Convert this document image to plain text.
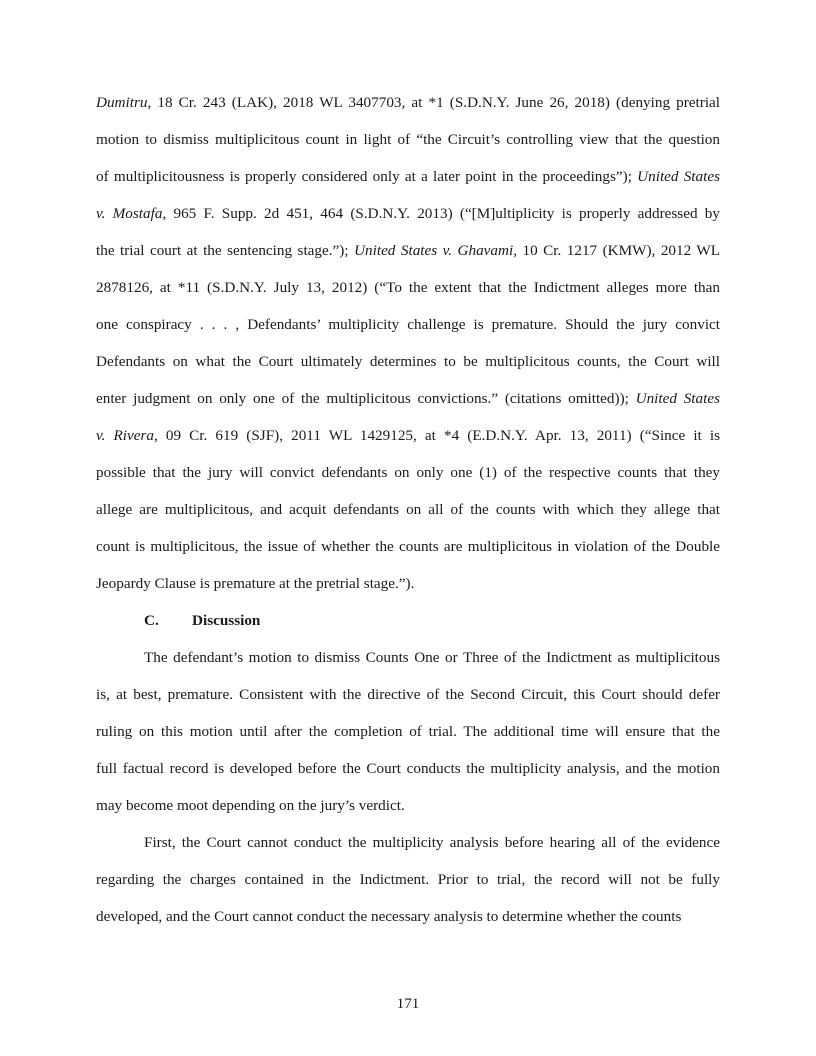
Dumitru, 18 Cr. 243 (LAK), 2018 WL 3407703, at *1 (S.D.N.Y. June 26, 2018) (denying pretrial
motion to dismiss multiplicitous count in light of “the Circuit’s controlling view that the question
of multiplicitousness is properly considered only at a later point in the proceedings”); United States
v. Mostafa, 965 F. Supp. 2d 451, 464 (S.D.N.Y. 2013) (“[M]ultiplicity is properly addressed by
the trial court at the sentencing stage.”); United States v. Ghavami, 10 Cr. 1217 (KMW), 2012 WL
2878126, at *11 (S.D.N.Y. July 13, 2012) (“To the extent that the Indictment alleges more than
one conspiracy . . . , Defendants’ multiplicity challenge is premature. Should the jury convict
Defendants on what the Court ultimately determines to be multiplicitous counts, the Court will
enter judgment on only one of the multiplicitous convictions.” (citations omitted)); United States
v. Rivera, 09 Cr. 619 (SJF), 2011 WL 1429125, at *4 (E.D.N.Y. Apr. 13, 2011) (“Since it is
possible that the jury will convict defendants on only one (1) of the respective counts that they
allege are multiplicitous, and acquit defendants on all of the counts with which they allege that
count is multiplicitous, the issue of whether the counts are multiplicitous in violation of the Double
Jeopardy Clause is premature at the pretrial stage.”).
C. Discussion
The defendant’s motion to dismiss Counts One or Three of the Indictment as multiplicitous
is, at best, premature. Consistent with the directive of the Second Circuit, this Court should defer
ruling on this motion until after the completion of trial. The additional time will ensure that the
full factual record is developed before the Court conducts the multiplicity analysis, and the motion
may become moot depending on the jury’s verdict.
First, the Court cannot conduct the multiplicity analysis before hearing all of the evidence
regarding the charges contained in the Indictment. Prior to trial, the record will not be fully
developed, and the Court cannot conduct the necessary analysis to determine whether the counts
171
